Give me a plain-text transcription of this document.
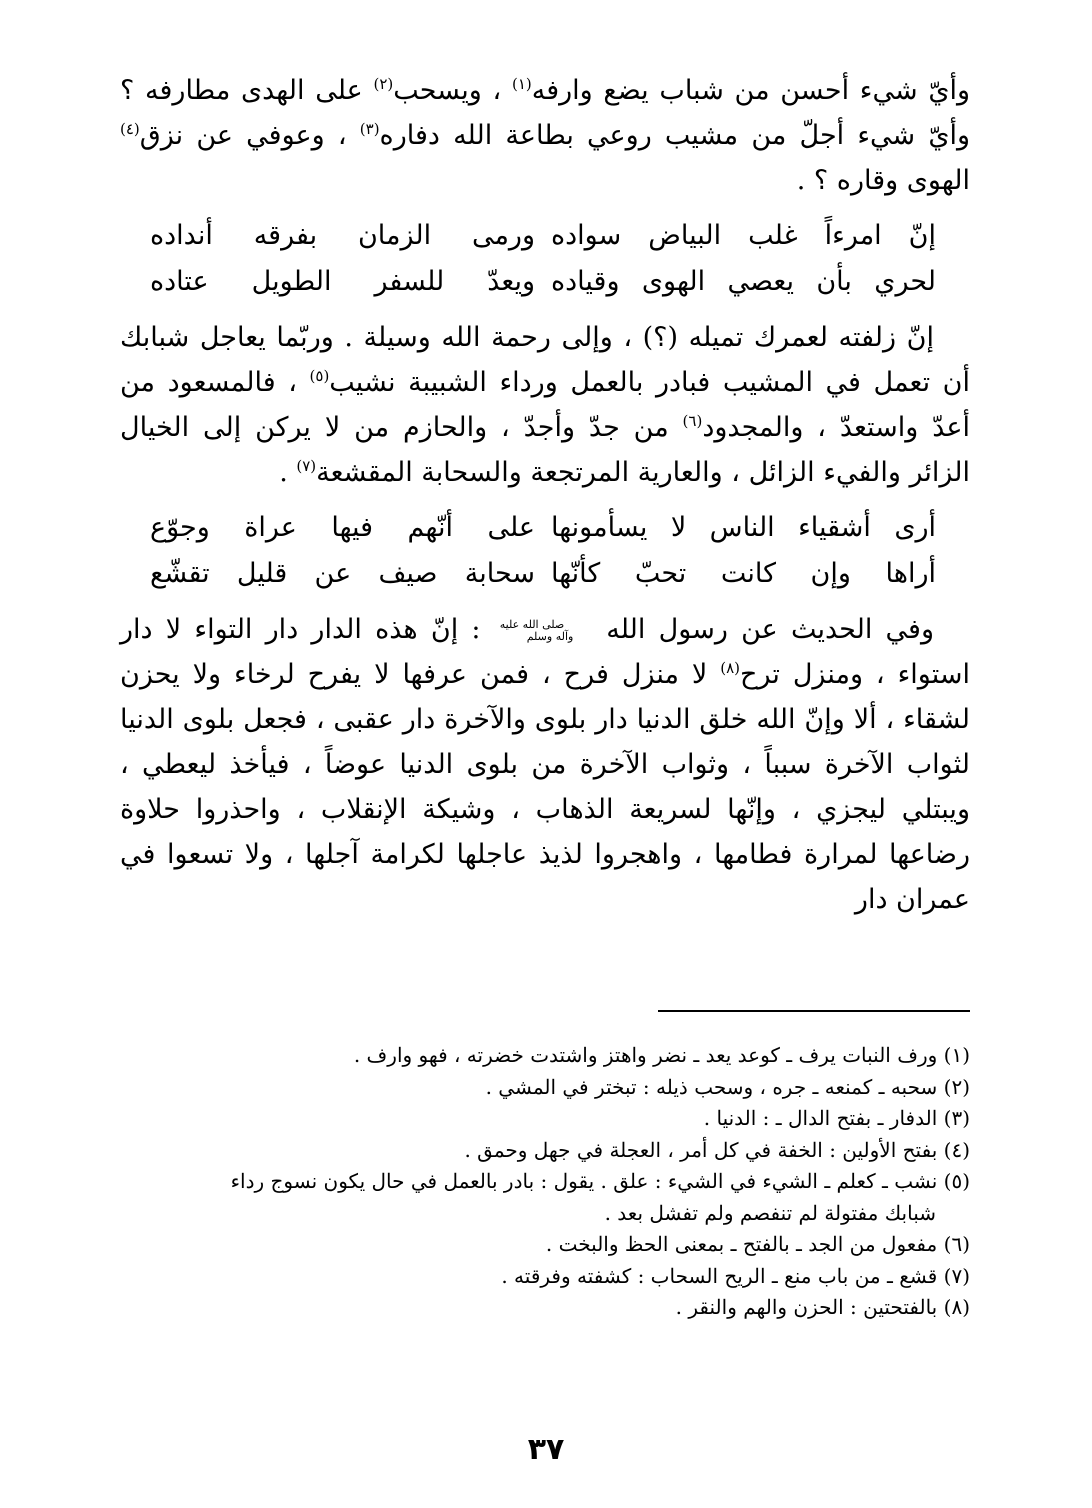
وأيّ شيء أحسن من شباب يضع وارفه$^{(١)}$ ، ويسحب$^{(٢)}$ على الهدى مطارفه ؟ وأيّ شيء أجلّ من مشيب روعي بطاعة الله دفاره$^{(٣)}$ ، وعوفي عن نزق$^{(٤)}$ الهوى وقاره ؟ .

إنّ امرءاً غلب البياض سواده
ورمى الزمان بفرقه أنداده
لحري بأن يعصي الهوى وقياده
ويعدّ للسفر الطويل عتاده

إنّ زلفته لعمرك تميله (؟) ، وإلى رحمة الله وسيلة . وربّما يعاجل شبابك أن تعمل في المشيب فبادر بالعمل ورداء الشبيبة نشيب$^{(٥)}$ ، فالمسعود من أعدّ واستعدّ ، والمجدود$^{(٦)}$ من جدّ وأجدّ ، والحازم من لا يركن إلى الخيال الزائر والفيء الزائل ، والعارية المرتجعة والسحابة المقشعة$^{(٧)}$ .

أرى أشقياء الناس لا يسأمونها
على أنّهم فيها عراة وجوّع
أراها وإن كانت تحبّ كأنّها
سحابة صيف عن قليل تقشّع

وفي الحديث عن رسول اللهصلى الله عليه
وآله وسلم : إنّ هذه الدار دار التواء لا دار استواء ، ومنزل ترح$^{(٨)}$ لا منزل فرح ، فمن عرفها لا يفرح لرخاء ولا يحزن لشقاء ، ألا وإنّ الله خلق الدنيا دار بلوى والآخرة دار عقبى ، فجعل بلوى الدنيا لثواب الآخرة سبباً ، وثواب الآخرة من بلوى الدنيا عوضاً ، فيأخذ ليعطي ، ويبتلي ليجزي ، وإنّها لسريعة الذهاب ، وشيكة الإنقلاب ، واحذروا حلاوة رضاعها لمرارة فطامها ، واهجروا لذيذ عاجلها لكرامة آجلها ، ولا تسعوا في عمران دار

(١) ورف النبات يرف ـ كوعد يعد ـ نضر واهتز واشتدت خضرته ، فهو وارف .

(٢) سحبه ـ كمنعه ـ جره ، وسحب ذيله : تبختر في المشي .

(٣) الدفار ـ بفتح الدال ـ : الدنيا .

(٤) بفتح الأولين : الخفة في كل أمر ، العجلة في جهل وحمق .

(٥) نشب ـ كعلم ـ الشيء في الشيء : علق . يقول : بادر بالعمل في حال يكون نسوج رداء
شبابك مفتولة لم تنفصم ولم تفشل بعد .

(٦) مفعول من الجد ـ بالفتح ـ بمعنى الحظ والبخت .

(٧) قشع ـ من باب منع ـ الريح السحاب : كشفته وفرقته .

(٨) بالفتحتين : الحزن والهم والنقر .

٣٧
